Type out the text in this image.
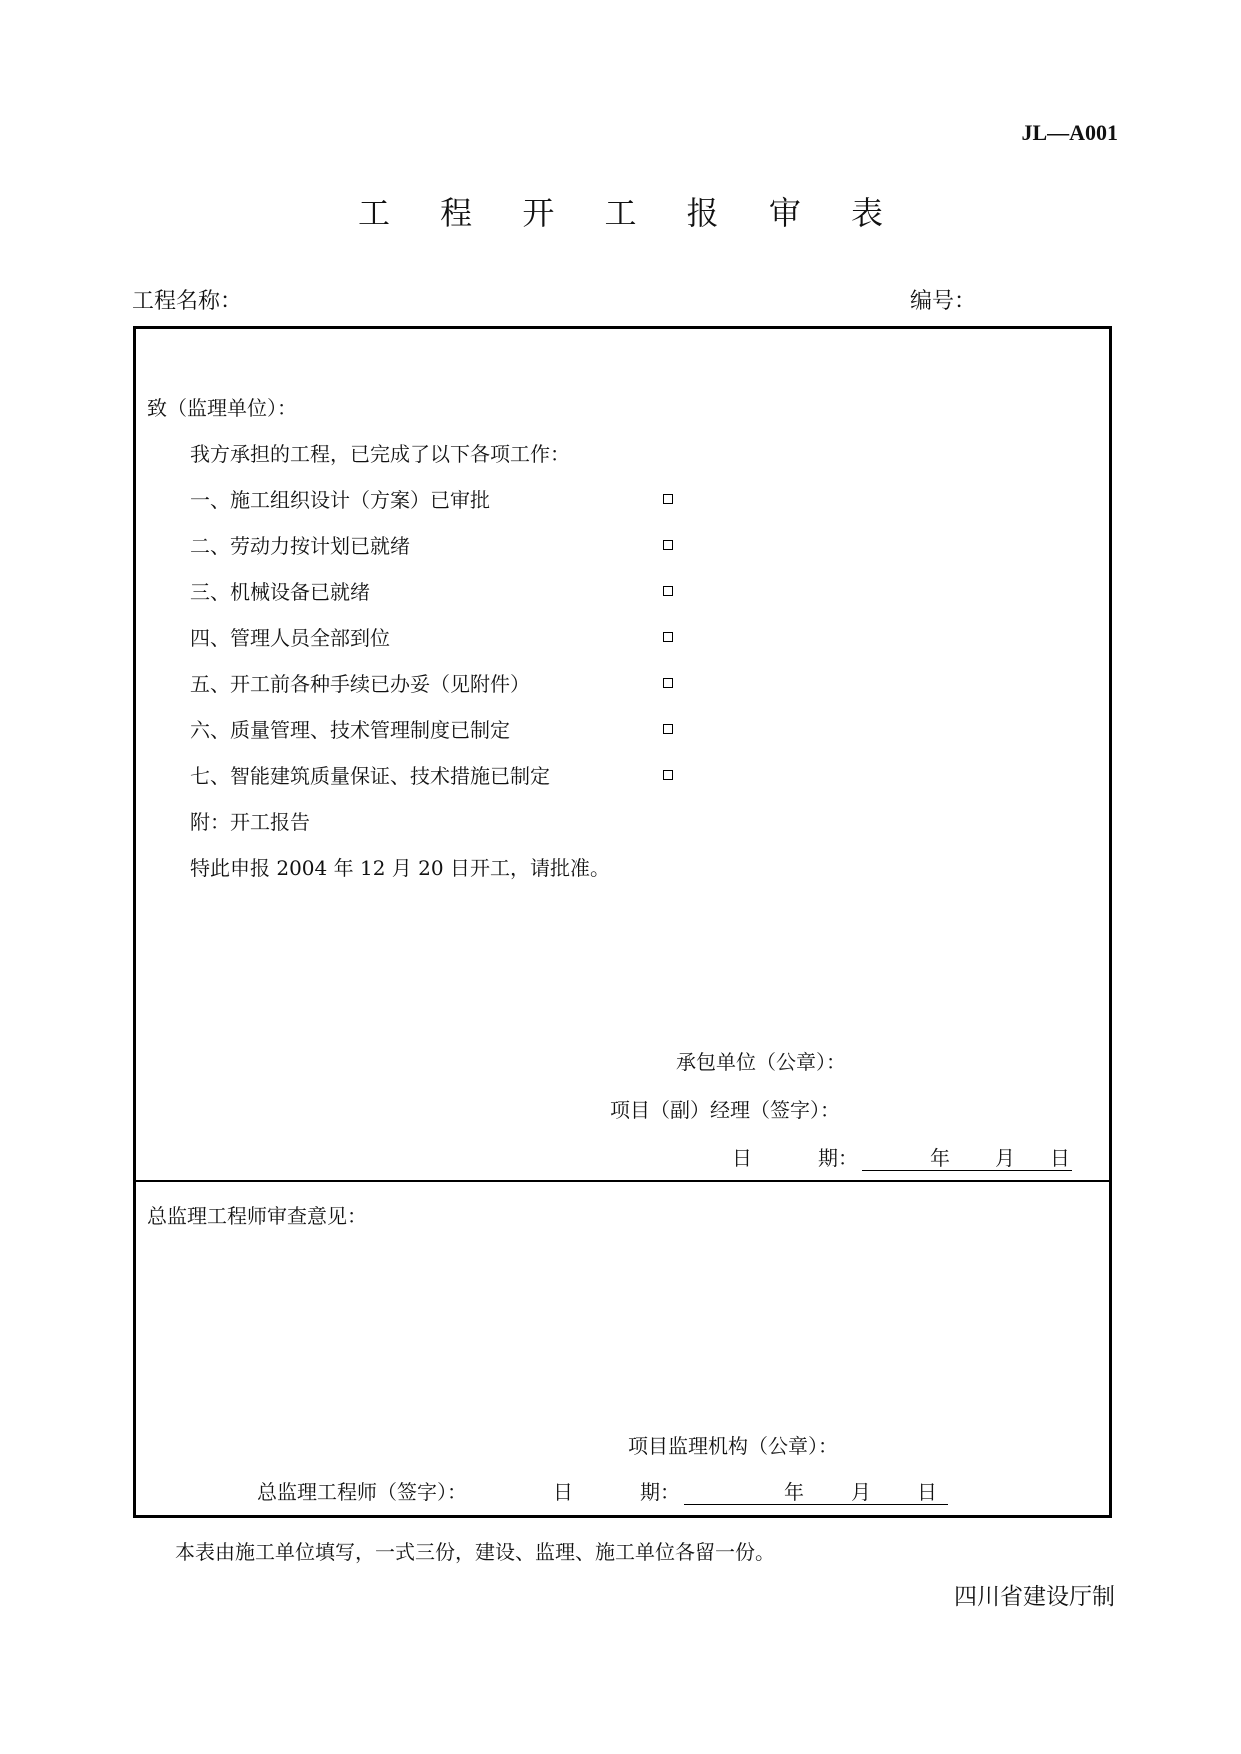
JL—A001
工 程 开 工 报 审 表
工程名称：	编号：
致（监理单位）：
我方承担的工程，已完成了以下各项工作：
一、施工组织设计（方案）已审批
二、劳动力按计划已就绪
三、机械设备已就绪
四、管理人员全部到位
五、开工前各种手续已办妥（见附件）
六、质量管理、技术管理制度已制定
七、智能建筑质量保证、技术措施已制定
附：开工报告
特此申报 2004 年 12 月 20 日开工，请批准。
承包单位（公章）：
项目（副）经理（签字）：
日	期：	年 月 日
总监理工程师审查意见：
项目监理机构（公章）：
总监理工程师（签字）：	日	期：	年 月 日
本表由施工单位填写，一式三份，建设、监理、施工单位各留一份。
四川省建设厅制
